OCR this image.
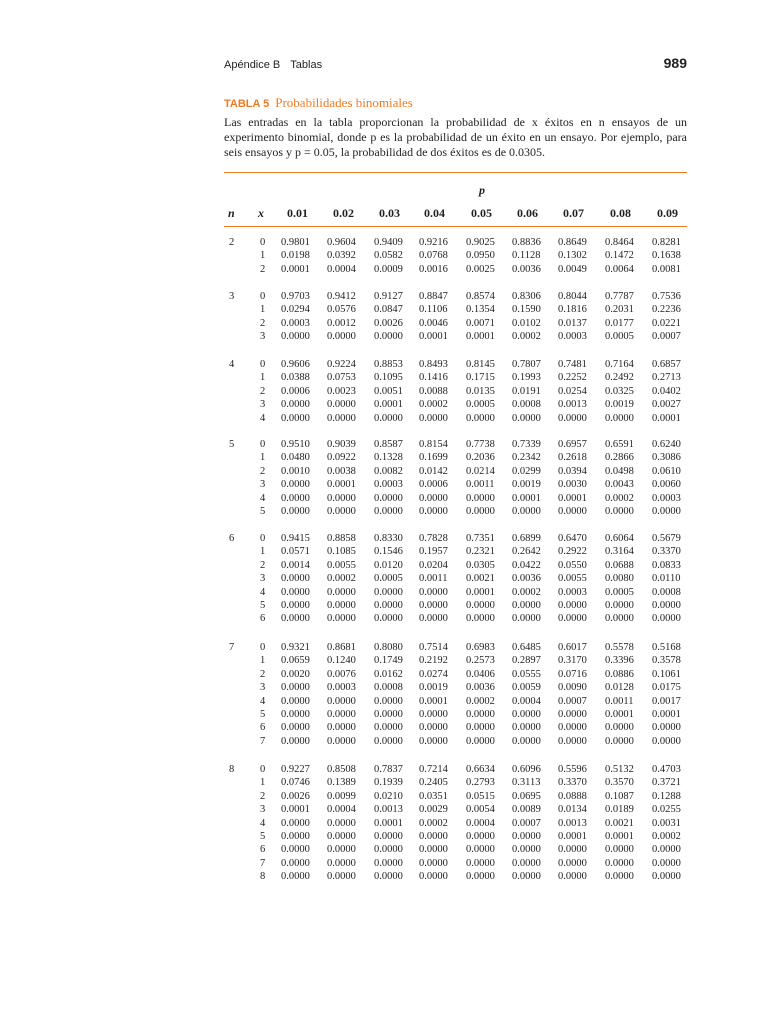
Apéndice B Tablas	989
TABLA 5 Probabilidades binomiales
Las entradas en la tabla proporcionan la probabilidad de x éxitos en n ensayos de un experimento binomial, donde p es la probabilidad de un éxito en un ensayo. Por ejemplo, para seis ensayos y p = 0.05, la probabilidad de dos éxitos es de 0.0305.
p
n x 0.01 0.02 0.03 0.04 0.05 0.06 0.07 0.08 0.09
2 0 0.9801 0.9604 0.9409 0.9216 0.9025 0.8836 0.8649 0.8464 0.8281
1 0.0198 0.0392 0.0582 0.0768 0.0950 0.1128 0.1302 0.1472 0.1638
2 0.0001 0.0004 0.0009 0.0016 0.0025 0.0036 0.0049 0.0064 0.0081
3 0 0.9703 0.9412 0.9127 0.8847 0.8574 0.8306 0.8044 0.7787 0.7536
1 0.0294 0.0576 0.0847 0.1106 0.1354 0.1590 0.1816 0.2031 0.2236
2 0.0003 0.0012 0.0026 0.0046 0.0071 0.0102 0.0137 0.0177 0.0221
3 0.0000 0.0000 0.0000 0.0001 0.0001 0.0002 0.0003 0.0005 0.0007
4 0 0.9606 0.9224 0.8853 0.8493 0.8145 0.7807 0.7481 0.7164 0.6857
1 0.0388 0.0753 0.1095 0.1416 0.1715 0.1993 0.2252 0.2492 0.2713
2 0.0006 0.0023 0.0051 0.0088 0.0135 0.0191 0.0254 0.0325 0.0402
3 0.0000 0.0000 0.0001 0.0002 0.0005 0.0008 0.0013 0.0019 0.0027
4 0.0000 0.0000 0.0000 0.0000 0.0000 0.0000 0.0000 0.0000 0.0001
5 0 0.9510 0.9039 0.8587 0.8154 0.7738 0.7339 0.6957 0.6591 0.6240
1 0.0480 0.0922 0.1328 0.1699 0.2036 0.2342 0.2618 0.2866 0.3086
2 0.0010 0.0038 0.0082 0.0142 0.0214 0.0299 0.0394 0.0498 0.0610
3 0.0000 0.0001 0.0003 0.0006 0.0011 0.0019 0.0030 0.0043 0.0060
4 0.0000 0.0000 0.0000 0.0000 0.0000 0.0001 0.0001 0.0002 0.0003
5 0.0000 0.0000 0.0000 0.0000 0.0000 0.0000 0.0000 0.0000 0.0000
6 0 0.9415 0.8858 0.8330 0.7828 0.7351 0.6899 0.6470 0.6064 0.5679
1 0.0571 0.1085 0.1546 0.1957 0.2321 0.2642 0.2922 0.3164 0.3370
2 0.0014 0.0055 0.0120 0.0204 0.0305 0.0422 0.0550 0.0688 0.0833
3 0.0000 0.0002 0.0005 0.0011 0.0021 0.0036 0.0055 0.0080 0.0110
4 0.0000 0.0000 0.0000 0.0000 0.0001 0.0002 0.0003 0.0005 0.0008
5 0.0000 0.0000 0.0000 0.0000 0.0000 0.0000 0.0000 0.0000 0.0000
6 0.0000 0.0000 0.0000 0.0000 0.0000 0.0000 0.0000 0.0000 0.0000
7 0 0.9321 0.8681 0.8080 0.7514 0.6983 0.6485 0.6017 0.5578 0.5168
1 0.0659 0.1240 0.1749 0.2192 0.2573 0.2897 0.3170 0.3396 0.3578
2 0.0020 0.0076 0.0162 0.0274 0.0406 0.0555 0.0716 0.0886 0.1061
3 0.0000 0.0003 0.0008 0.0019 0.0036 0.0059 0.0090 0.0128 0.0175
4 0.0000 0.0000 0.0000 0.0001 0.0002 0.0004 0.0007 0.0011 0.0017
5 0.0000 0.0000 0.0000 0.0000 0.0000 0.0000 0.0000 0.0001 0.0001
6 0.0000 0.0000 0.0000 0.0000 0.0000 0.0000 0.0000 0.0000 0.0000
7 0.0000 0.0000 0.0000 0.0000 0.0000 0.0000 0.0000 0.0000 0.0000
8 0 0.9227 0.8508 0.7837 0.7214 0.6634 0.6096 0.5596 0.5132 0.4703
1 0.0746 0.1389 0.1939 0.2405 0.2793 0.3113 0.3370 0.3570 0.3721
2 0.0026 0.0099 0.0210 0.0351 0.0515 0.0695 0.0888 0.1087 0.1288
3 0.0001 0.0004 0.0013 0.0029 0.0054 0.0089 0.0134 0.0189 0.0255
4 0.0000 0.0000 0.0001 0.0002 0.0004 0.0007 0.0013 0.0021 0.0031
5 0.0000 0.0000 0.0000 0.0000 0.0000 0.0000 0.0001 0.0001 0.0002
6 0.0000 0.0000 0.0000 0.0000 0.0000 0.0000 0.0000 0.0000 0.0000
7 0.0000 0.0000 0.0000 0.0000 0.0000 0.0000 0.0000 0.0000 0.0000
8 0.0000 0.0000 0.0000 0.0000 0.0000 0.0000 0.0000 0.0000 0.0000
